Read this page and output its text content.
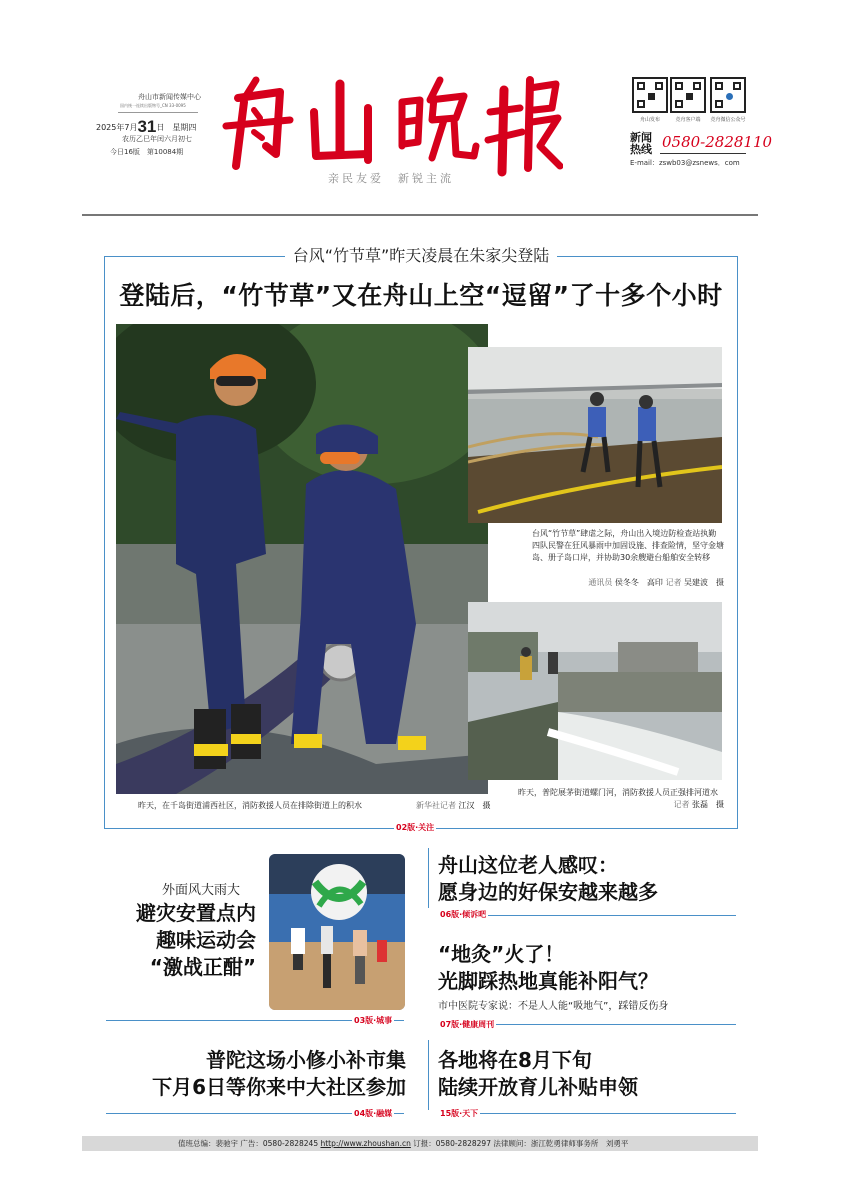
舟山市新闻传媒中心
国内统一连续出版物号_CN 33-0095
2025年7月31日　星期四
农历乙巳年闰六月初七
今日16版　第10084期
亲民友爱　新锐主流
舟山发布	竞舟客户端	竞舟微信公众号
新闻热线 0580-2828110
E-mail：zswb03@zsnews．com
台风“竹节草”昨天凌晨在朱家尖登陆
登陆后，“竹节草”又在舟山上空“逗留”了十多个小时
台风“竹节草”肆虐之际，舟山出入境边防检查站执勤四队民警在狂风暴雨中加固设施、排查险情，坚守金塘岛、册子岛口岸，并协助30余艘避台船舶安全转移
通讯员 侯冬冬　高印 记者 吴建波　摄
昨天，普陀展茅街道螺门河，消防救援人员正强排河道水
记者 张磊　摄
昨天，在千岛街道浦西社区，消防救援人员在排除街道上的积水	新华社记者 江汉　摄
02版·关注
外面风大雨大
避灾安置点内
趣味运动会
“激战正酣”
03版·城事
舟山这位老人感叹：
愿身边的好保安越来越多
06版·倾诉吧
“地灸”火了！
光脚踩热地真能补阳气？
市中医院专家说：不是人人能“吸地气”，踩错反伤身
07版·健康周刊
普陀这场小修小补市集
下月6日等你来中大社区参加
04版·融媒
各地将在8月下旬
陆续开放育儿补贴申领
15版·天下
值班总编：裴驰宇 广告：0580-2828245 http://www.zhoushan.cn 订报：0580-2828297 法律顾问：浙江乾勇律师事务所　刘勇平
